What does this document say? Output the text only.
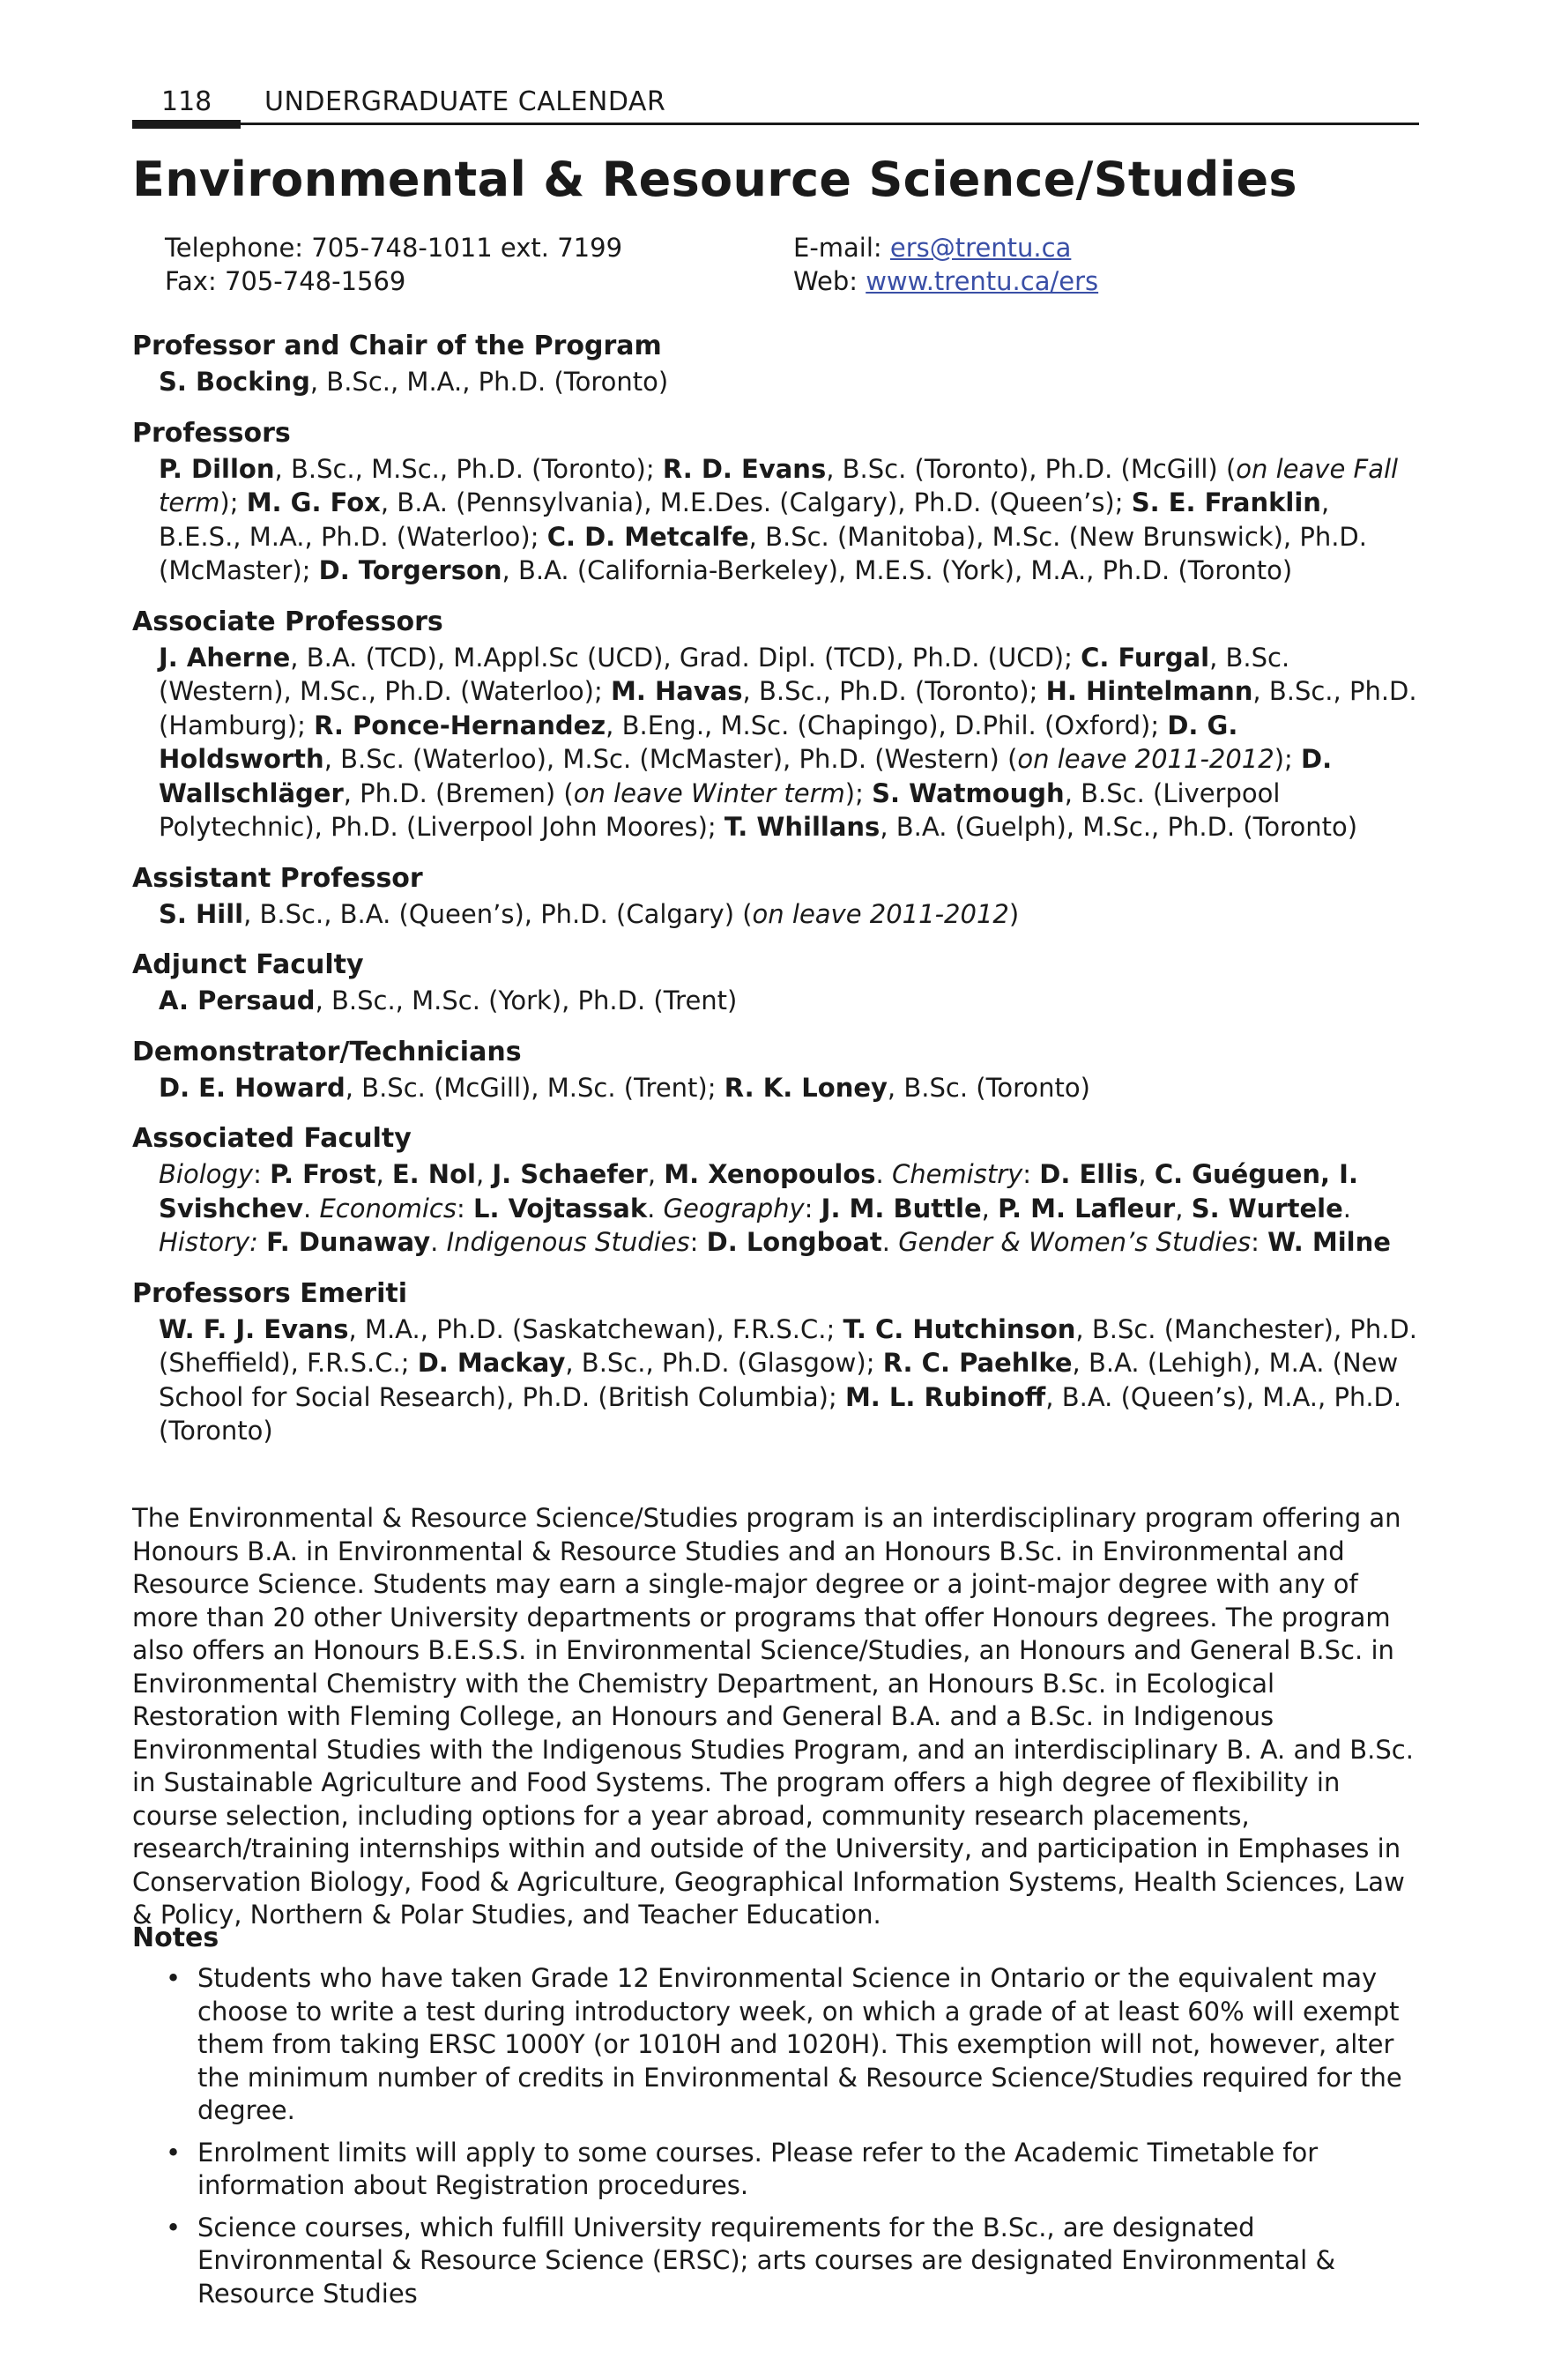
118 UNDERGRADUATE CALENDAR
Environmental & Resource Science/Studies
Telephone: 705-748-1011 ext. 7199
Fax: 705-748-1569
E-mail: ers@trentu.ca
Web: www.trentu.ca/ers
Professor and Chair of the Program
S. Bocking, B.Sc., M.A., Ph.D. (Toronto)
Professors
P. Dillon, B.Sc., M.Sc., Ph.D. (Toronto); R. D. Evans, B.Sc. (Toronto), Ph.D. (McGill) (on leave Fall term); M. G. Fox, B.A. (Pennsylvania), M.E.Des. (Calgary), Ph.D. (Queen’s); S. E. Franklin, B.E.S., M.A., Ph.D. (Waterloo); C. D. Metcalfe, B.Sc. (Manitoba), M.Sc. (New Brunswick), Ph.D. (McMaster); D. Torgerson, B.A. (California-Berkeley), M.E.S. (York), M.A., Ph.D. (Toronto)
Associate Professors
J. Aherne, B.A. (TCD), M.Appl.Sc (UCD), Grad. Dipl. (TCD), Ph.D. (UCD); C. Furgal, B.Sc. (Western), M.Sc., Ph.D. (Waterloo); M. Havas, B.Sc., Ph.D. (Toronto); H. Hintelmann, B.Sc., Ph.D. (Hamburg); R. Ponce-Hernandez, B.Eng., M.Sc. (Chapingo), D.Phil. (Oxford); D. G. Holdsworth, B.Sc. (Waterloo), M.Sc. (McMaster), Ph.D. (Western) (on leave 2011-2012); D. Wallschläger, Ph.D. (Bremen) (on leave Winter term); S. Watmough, B.Sc. (Liverpool Polytechnic), Ph.D. (Liverpool John Moores); T. Whillans, B.A. (Guelph), M.Sc., Ph.D. (Toronto)
Assistant Professor
S. Hill, B.Sc., B.A. (Queen’s), Ph.D. (Calgary) (on leave 2011-2012)
Adjunct Faculty
A. Persaud, B.Sc., M.Sc. (York), Ph.D. (Trent)
Demonstrator/Technicians
D. E. Howard, B.Sc. (McGill), M.Sc. (Trent); R. K. Loney, B.Sc. (Toronto)
Associated Faculty
Biology: P. Frost, E. Nol, J. Schaefer, M. Xenopoulos. Chemistry: D. Ellis, C. Guéguen, I. Svishchev. Economics: L. Vojtassak. Geography: J. M. Buttle, P. M. Lafleur, S. Wurtele. History: F. Dunaway. Indigenous Studies: D. Longboat. Gender & Women’s Studies: W. Milne
Professors Emeriti
W. F. J. Evans, M.A., Ph.D. (Saskatchewan), F.R.S.C.; T. C. Hutchinson, B.Sc. (Manchester), Ph.D. (Sheffield), F.R.S.C.; D. Mackay, B.Sc., Ph.D. (Glasgow); R. C. Paehlke, B.A. (Lehigh), M.A. (New School for Social Research), Ph.D. (British Columbia); M. L. Rubinoff, B.A. (Queen’s), M.A., Ph.D. (Toronto)

The Environmental & Resource Science/Studies program is an interdisciplinary program offering an Honours B.A. in Environmental & Resource Studies and an Honours B.Sc. in Environmental and Resource Science. Students may earn a single-major degree or a joint-major degree with any of more than 20 other University departments or programs that offer Honours degrees. The program also offers an Honours B.E.S.S. in Environmental Science/Studies, an Honours and General B.Sc. in Environmental Chemistry with the Chemistry Department, an Honours B.Sc. in Ecological Restoration with Fleming College, an Honours and General B.A. and a B.Sc. in Indigenous Environmental Studies with the Indigenous Studies Program, and an interdisciplinary B. A. and B.Sc. in Sustainable Agriculture and Food Systems. The program offers a high degree of flexibility in course selection, including options for a year abroad, community research placements, research/training internships within and outside of the University, and participation in Emphases in Conservation Biology, Food & Agriculture, Geographical Information Systems, Health Sciences, Law & Policy, Northern & Polar Studies, and Teacher Education.

Notes
• Students who have taken Grade 12 Environmental Science in Ontario or the equivalent may choose to write a test during introductory week, on which a grade of at least 60% will exempt them from taking ERSC 1000Y (or 1010H and 1020H). This exemption will not, however, alter the minimum number of credits in Environmental & Resource Science/Studies required for the degree.
• Enrolment limits will apply to some courses. Please refer to the Academic Timetable for information about Registration procedures.
• Science courses, which fulfill University requirements for the B.Sc., are designated Environmental & Resource Science (ERSC); arts courses are designated Environmental & Resource Studies
